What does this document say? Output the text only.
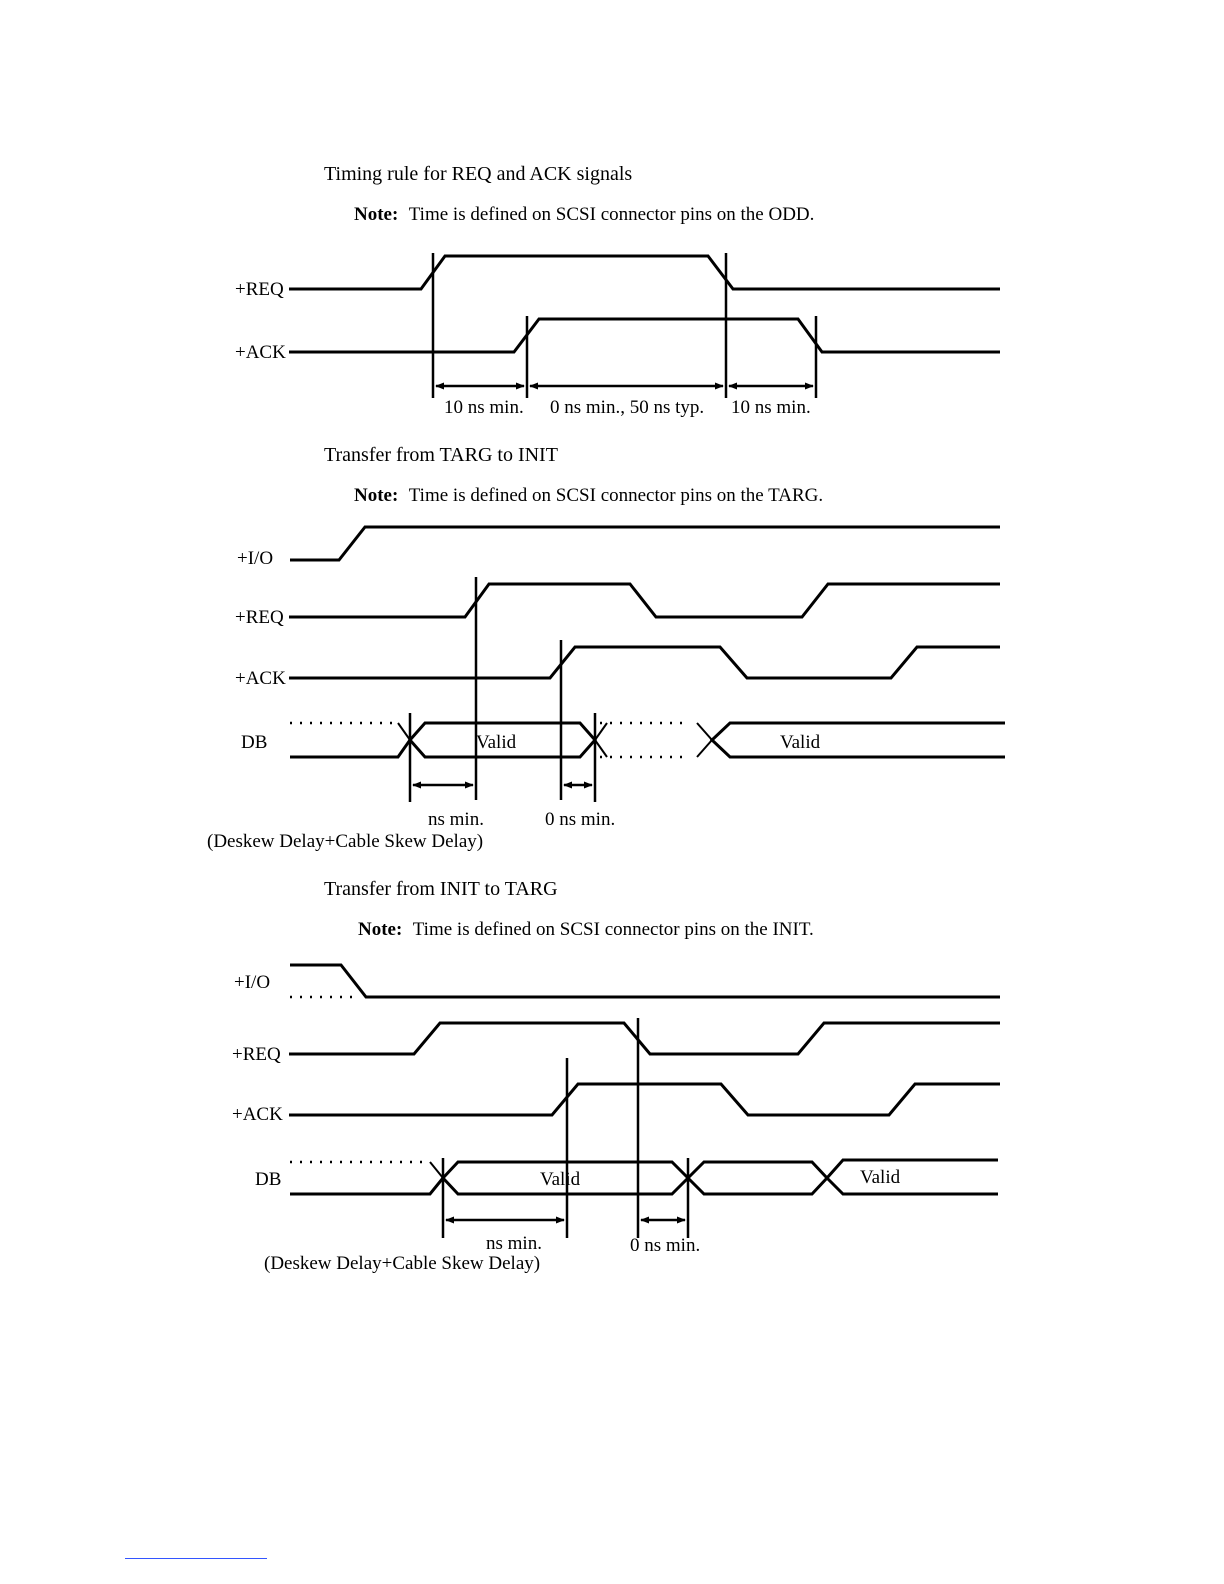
Timing rule for REQ and ACK signals
Note: Time is defined on SCSI connector pins on the ODD.
+REQ
+ACK
10 ns min. 0 ns min., 50 ns typ. 10 ns min.
Transfer from TARG to INIT
Note: Time is defined on SCSI connector pins on the TARG.
+I/O
+REQ
+ACK
DB	Valid	Valid
ns min.
(Deskew Delay+Cable Skew Delay)
0 ns min.
Transfer from INIT to TARG
Note: Time is defined on SCSI connector pins on the INIT.
+I/O
+REQ
+ACK
DB	Valid	Valid
ns min.
(Deskew Delay+Cable Skew Delay)
0 ns min.
